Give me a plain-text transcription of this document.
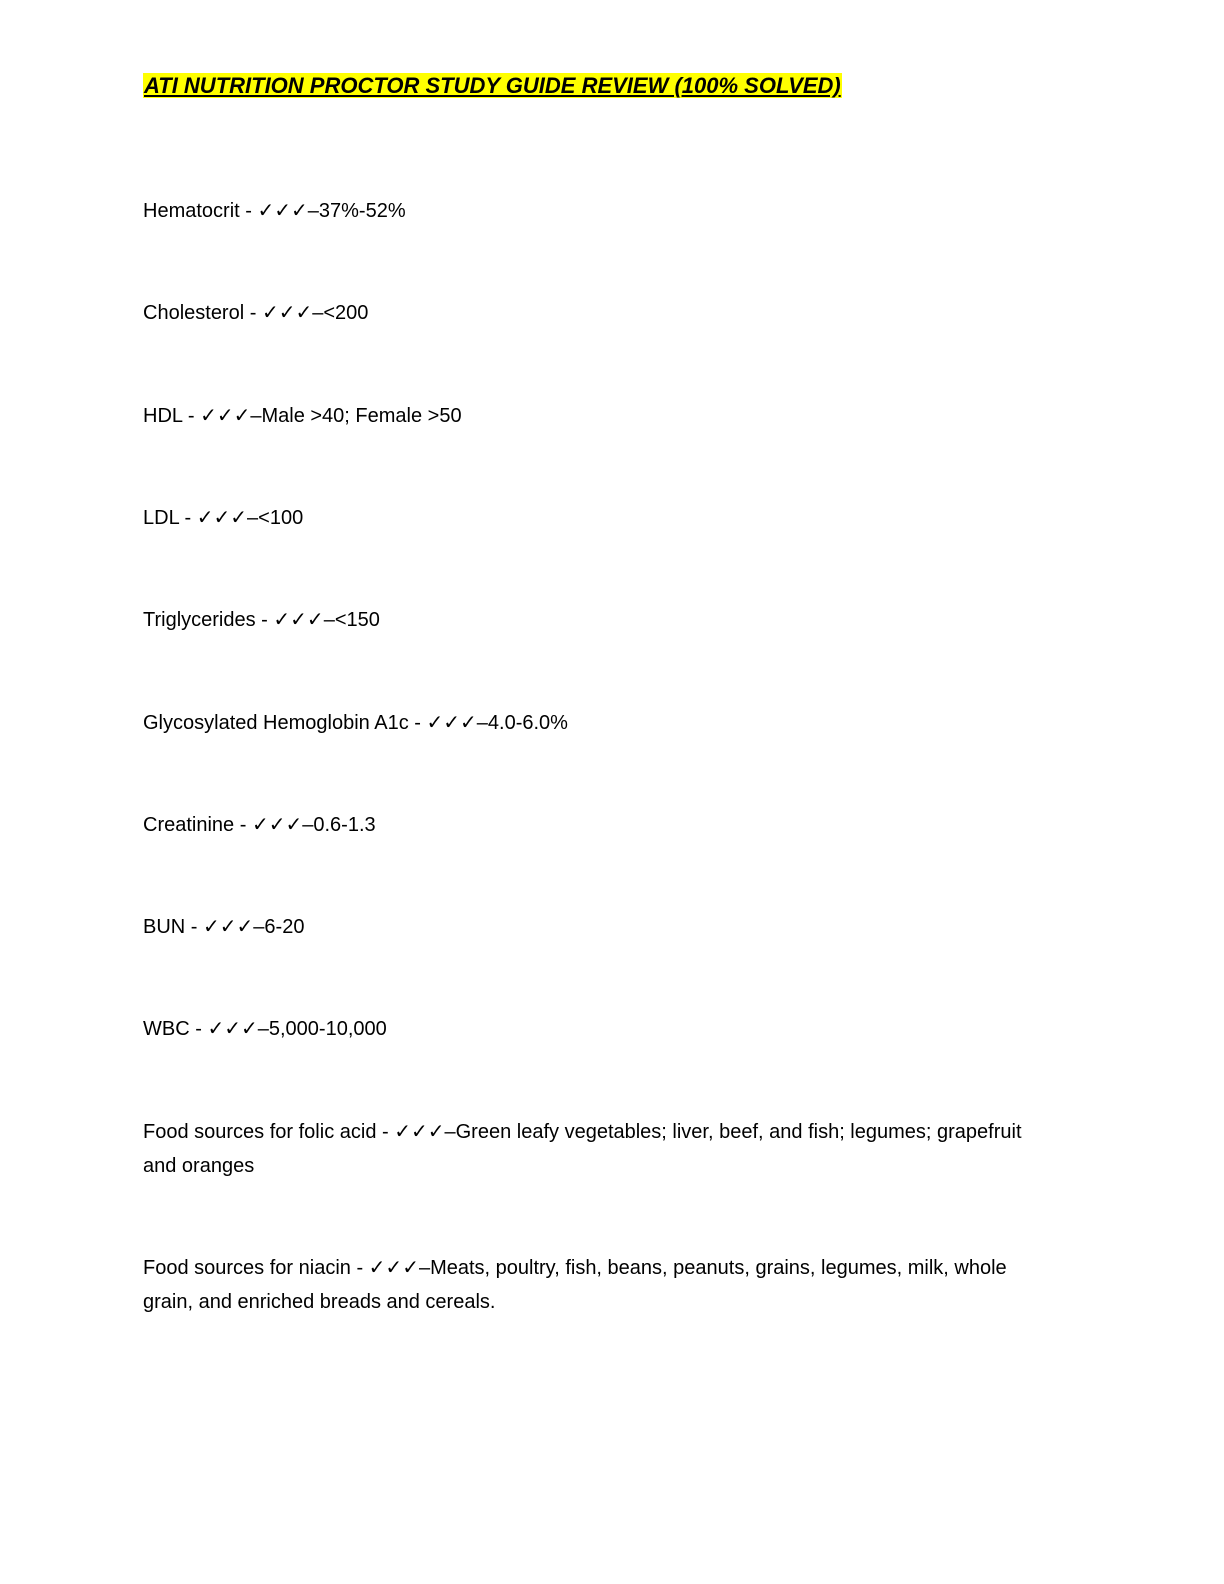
ATI NUTRITION PROCTOR STUDY GUIDE REVIEW (100% SOLVED)

Hematocrit - ✓✓✓–37%-52%

Cholesterol - ✓✓✓–<200

HDL - ✓✓✓–Male >40; Female >50

LDL - ✓✓✓–<100

Triglycerides - ✓✓✓–<150

Glycosylated Hemoglobin A1c - ✓✓✓–4.0-6.0%

Creatinine - ✓✓✓–0.6-1.3

BUN - ✓✓✓–6-20

WBC - ✓✓✓–5,000-10,000

Food sources for folic acid - ✓✓✓–Green leafy vegetables; liver, beef, and fish; legumes; grapefruit and oranges

Food sources for niacin - ✓✓✓–Meats, poultry, fish, beans, peanuts, grains, legumes, milk, whole grain, and enriched breads and cereals.
